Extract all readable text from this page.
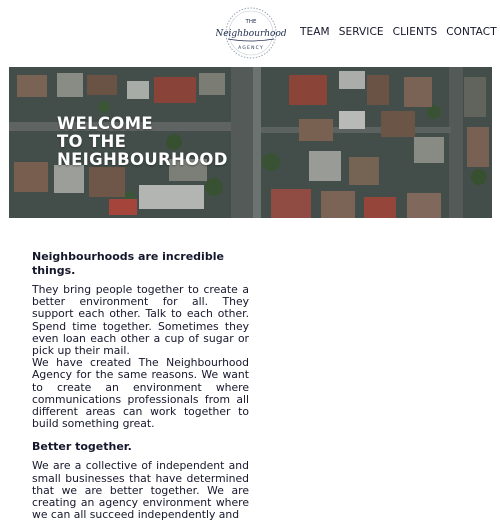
THE
Neighbourhood
AGENCY
TEAM SERVICE CLIENTS CONTACT
WELCOME
TO THE
NEIGHBOURHOOD

Neighbourhoods are incredible things.

They bring people together to create a better environment for all. They support each other. Talk to each other. Spend time together. Sometimes they even loan each other a cup of sugar or pick up their mail.

We have created The Neighbourhood Agency for the same reasons. We want to create an environment where communications professionals from all different areas can work together to build something great.

Better together.

We are a collective of independent and small businesses that have determined that we are better together. We are creating an agency environment where we can all succeed independently and
